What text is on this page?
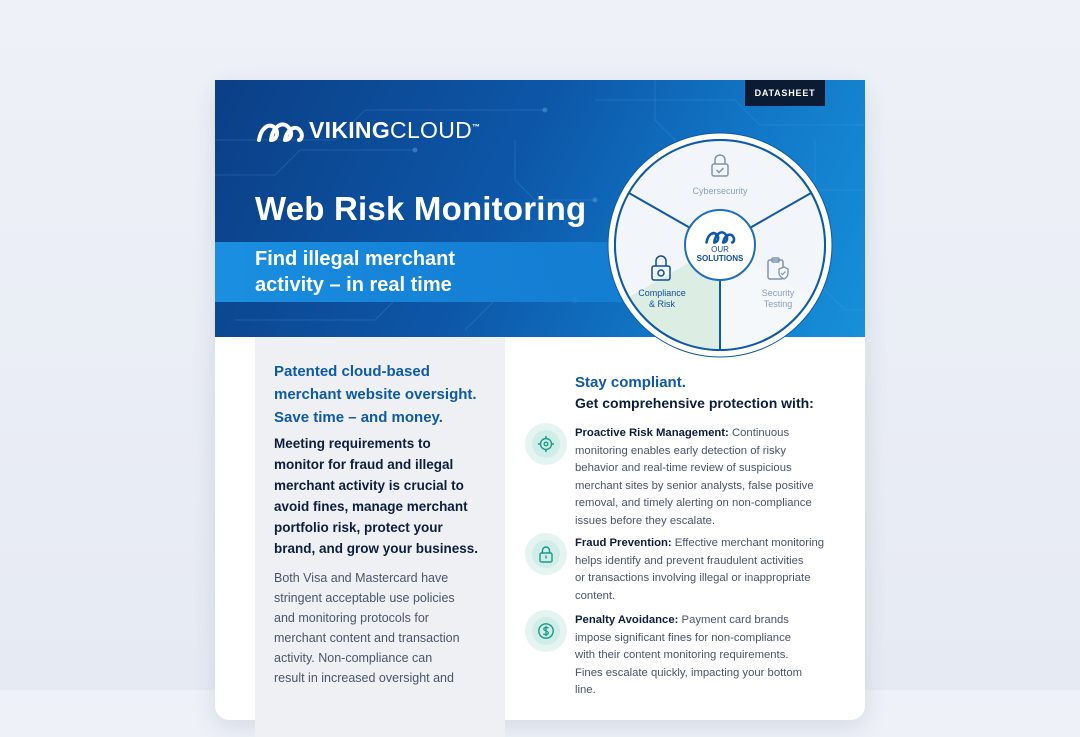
DATASHEET
VIKINGCLOUD™
Web Risk Monitoring
Find illegal merchant
activity – in real time
Cybersecurity
Compliance
& Risk
Security
Testing
OUR
SOLUTIONS
Patented cloud-based
merchant website oversight.
Save time – and money.
Meeting requirements to
monitor for fraud and illegal
merchant activity is crucial to
avoid fines, manage merchant
portfolio risk, protect your
brand, and grow your business.
Both Visa and Mastercard have
stringent acceptable use policies
and monitoring protocols for
merchant content and transaction
activity. Non-compliance can
result in increased oversight and
Stay compliant.
Get comprehensive protection with:
Proactive Risk Management: Continuous
monitoring enables early detection of risky
behavior and real-time review of suspicious
merchant sites by senior analysts, false positive
removal, and timely alerting on non-compliance
issues before they escalate.
Fraud Prevention: Effective merchant monitoring
helps identify and prevent fraudulent activities
or transactions involving illegal or inappropriate
content.
Penalty Avoidance: Payment card brands
impose significant fines for non-compliance
with their content monitoring requirements.
Fines escalate quickly, impacting your bottom
line.
